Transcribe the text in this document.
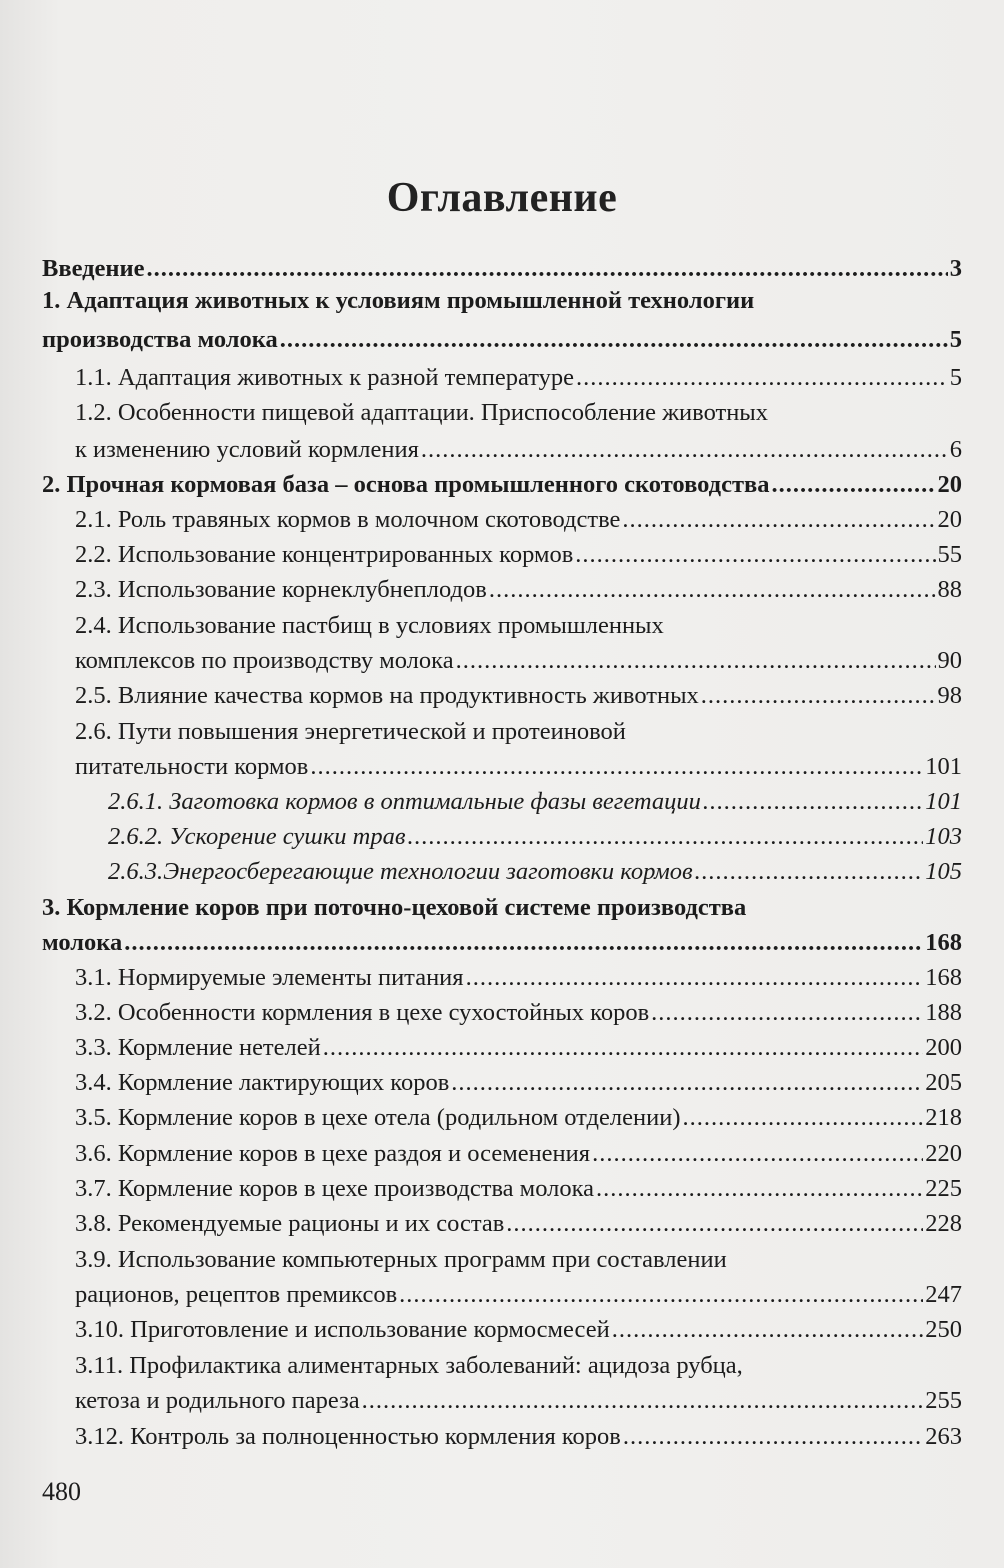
Оглавление
Введение .....	3
1. Адаптация животных к условиям промышленной технологии
производства молока .....	5
1.1. Адаптация животных к разной температуре .....	5
1.2. Особенности пищевой адаптации. Приспособление животных
к изменению условий кормления .....	6
2. Прочная кормовая база – основа промышленного скотоводства .....	20
2.1. Роль травяных кормов в молочном скотоводстве .....	20
2.2. Использование концентрированных кормов .....	55
2.3. Использование корнеклубнеплодов .....	88
2.4. Использование пастбищ в условиях промышленных
комплексов по производству молока .....	90
2.5. Влияние качества кормов на продуктивность животных .....	98
2.6. Пути повышения энергетической и протеиновой
питательности кормов .....	101
2.6.1. Заготовка кормов в оптимальные фазы вегетации .....	101
2.6.2. Ускорение сушки трав .....	103
2.6.3.Энергосберегающие технологии заготовки кормов .....	105
3. Кормление коров при поточно-цеховой системе производства
молока .....	168
3.1. Нормируемые элементы питания .....	168
3.2. Особенности кормления в цехе сухостойных коров .....	188
3.3. Кормление нетелей .....	200
3.4. Кормление лактирующих коров .....	205
3.5. Кормление коров в цехе отела (родильном отделении) .....	218
3.6. Кормление коров в цехе раздоя и осеменения .....	220
3.7. Кормление коров в цехе производства молока .....	225
3.8. Рекомендуемые рационы и их состав .....	228
3.9. Использование компьютерных программ при составлении
рационов, рецептов премиксов .....	247
3.10. Приготовление и использование кормосмесей .....	250
3.11. Профилактика алиментарных заболеваний: ацидоза рубца,
кетоза и родильного пареза .....	255
3.12. Контроль за полноценностью кормления коров .....	263
480
